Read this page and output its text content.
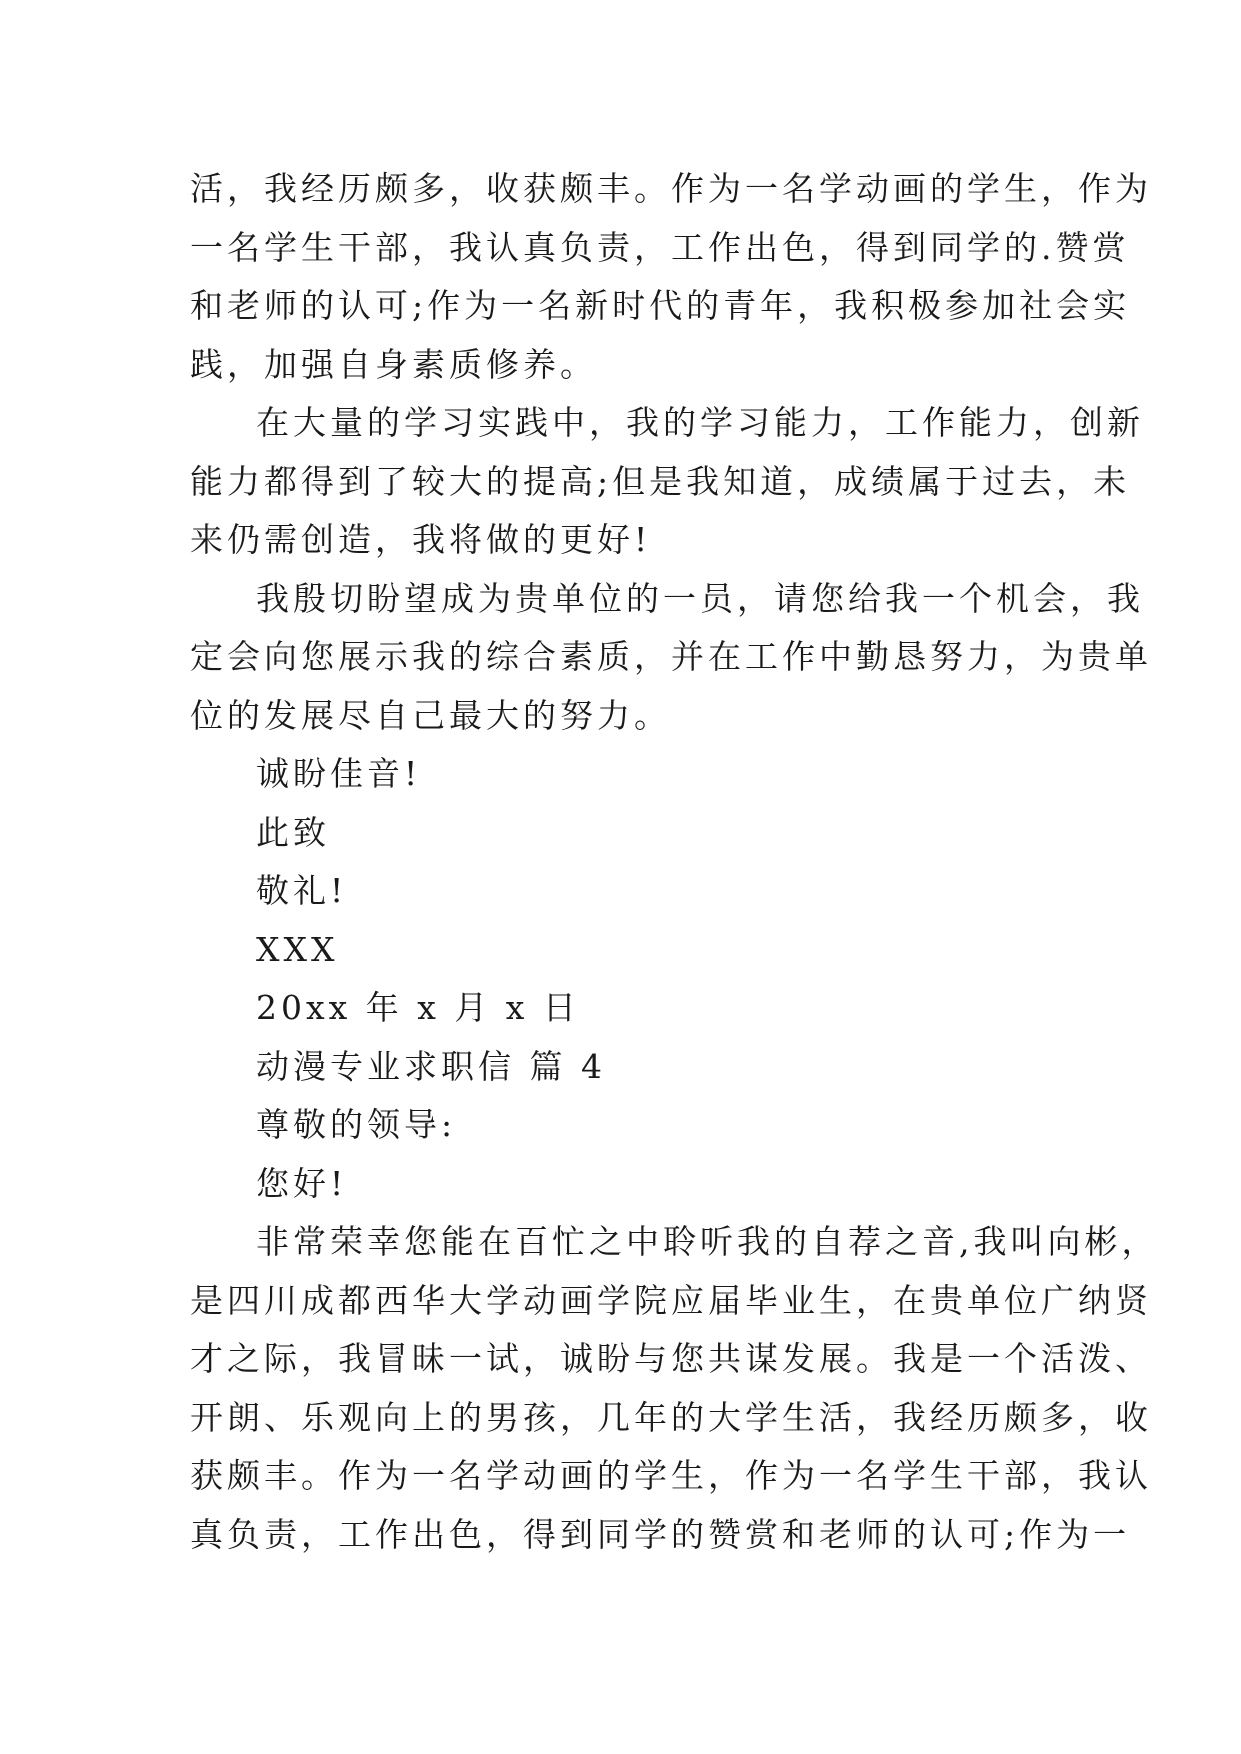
活，我经历颇多，收获颇丰。作为一名学动画的学生，作为
一名学生干部，我认真负责，工作出色，得到同学的.赞赏
和老师的认可;作为一名新时代的青年，我积极参加社会实
践，加强自身素质修养。
在大量的学习实践中，我的学习能力，工作能力，创新
能力都得到了较大的提高;但是我知道，成绩属于过去，未
来仍需创造，我将做的更好!
我殷切盼望成为贵单位的一员，请您给我一个机会，我
定会向您展示我的综合素质，并在工作中勤恳努力，为贵单
位的发展尽自己最大的努力。
诚盼佳音!
此致
敬礼!
XXX
20xx 年 x 月 x 日
动漫专业求职信 篇 4
尊敬的领导:
您好!
非常荣幸您能在百忙之中聆听我的自荐之音,我叫向彬，
是四川成都西华大学动画学院应届毕业生，在贵单位广纳贤
才之际，我冒昧一试，诚盼与您共谋发展。我是一个活泼、
开朗、乐观向上的男孩，几年的大学生活，我经历颇多，收
获颇丰。作为一名学动画的学生，作为一名学生干部，我认
真负责，工作出色，得到同学的赞赏和老师的认可;作为一
